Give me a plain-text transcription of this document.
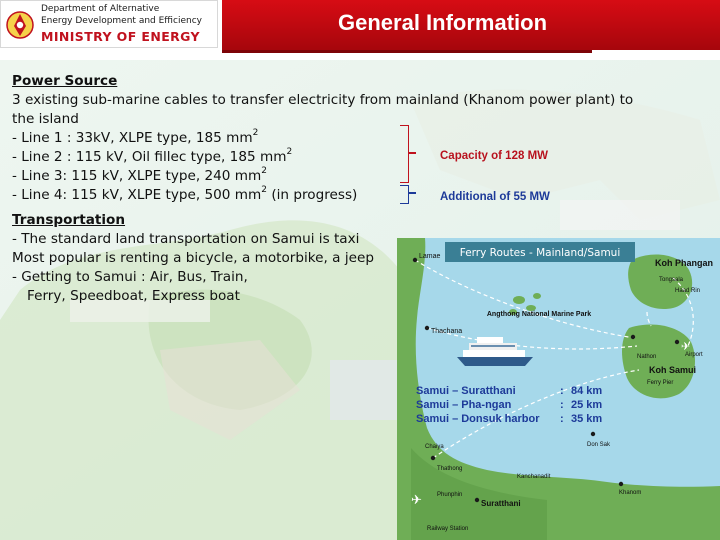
Department of Alternative
Energy Development and Efficiency
MINISTRY OF ENERGY
General Information
Power Source

3 existing sub-marine cables to transfer electricity from mainland (Khanom power plant) to the island

- Line 1 : 33kV, XLPE type, 185 $mm^2$
- Line 2 : 115 kV, Oil fillec type, 185 $mm^2$
- Line 3: 115 kV, XLPE type, 240 $mm^2$
- Line 4: 115 kV, XLPE type, 500 $mm^2$ (in progress)
Transportation
- The standard land transportation on Samui is taxi
Most popular is renting a bicycle, a motorbike, a jeep
- Getting to Samui : Air, Bus, Train,
Ferry, Speedboat, Express boat
Capacity of 128 MW
Additional of 55 MW
Ferry Routes - Mainland/Samui
✈
✈
Lamae
Koh Phangan
Tongsala
Haad Rin
Thachana
Angthong National Marine Park
Nathon
Koh Samui
Airport
Ferry Pier
Chaiya	Don Sak
Thathong
Kanchanadit
Khanom
Phunphin
Suratthani
Railway Station
Samui – Suratthani	: 84 km
Samui – Pha-ngan	: 25 km
Samui – Donsuk harbor : 35 km
